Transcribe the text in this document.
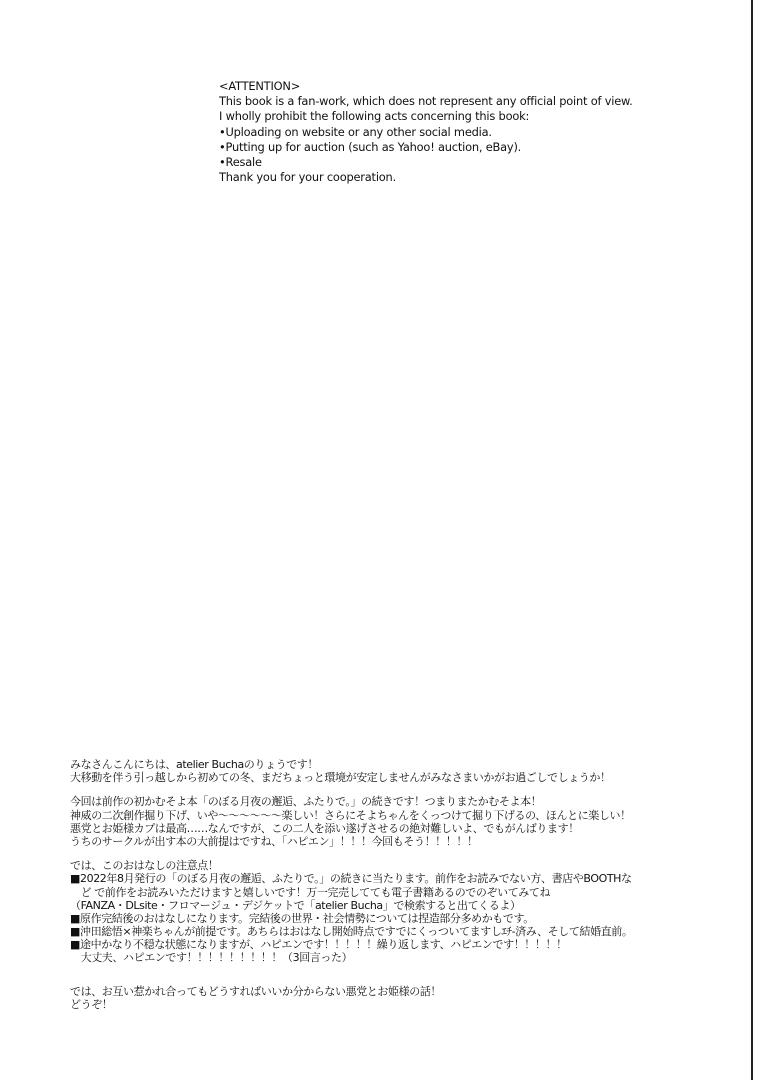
<ATTENTION>
This book is a fan-work, which does not represent any official point of view.
I wholly prohibit the following acts concerning this book:
•Uploading on website or any other social media.
•Putting up for auction (such as Yahoo! auction, eBay).
•Resale
Thank you for your cooperation.
みなさんこんにちは、atelier Buchaのりょうです！
大移動を伴う引っ越しから初めての冬、まだちょっと環境が安定しませんがみなさまいかがお過ごしでしょうか！
今回は前作の初かむそよ本「のぼる月夜の邂逅、ふたりで。」の続きです！つまりまたかむそよ本！
神威の二次創作掘り下げ、いや〜〜〜〜〜〜楽しい！さらにそよちゃんをくっつけて掘り下げるの、ほんとに楽しい！
悪党とお姫様カプは最高……なんですが、この二人を添い遂げさせるの絶対難しいよ、でもがんばります！
うちのサークルが出す本の大前提はですね、「ハピエン」！！！今回もそう！！！！！
では、このおはなしの注意点！
■2022年8月発行の「のぼる月夜の邂逅、ふたりで。」の続きに当たります。前作をお読みでない方、書店やBOOTHな
　ど で前作をお読みいただけますと嬉しいです！万一完売してても電子書籍あるのでのぞいてみてね
（FANZA・DLsite・フロマージュ・デジケットで「atelier Bucha」で検索すると出てくるよ）
■原作完結後のおはなしになります。完結後の世界・社会情勢については捏造部分多めかもです。
■沖田総悟×神楽ちゃんが前提です。あちらはおはなし開始時点ですでにくっついてますしｴﾁ-済み、そして結婚直前。
■途中かなり不穏な状態になりますが、ハピエンです！！！！！繰り返します、ハピエンです！！！！！
　大丈夫、ハピエンです！！！！！！！！！（3回言った）
では、お互い惹かれ合ってもどうすればいいか分からない悪党とお姫様の話！
どうぞ！
